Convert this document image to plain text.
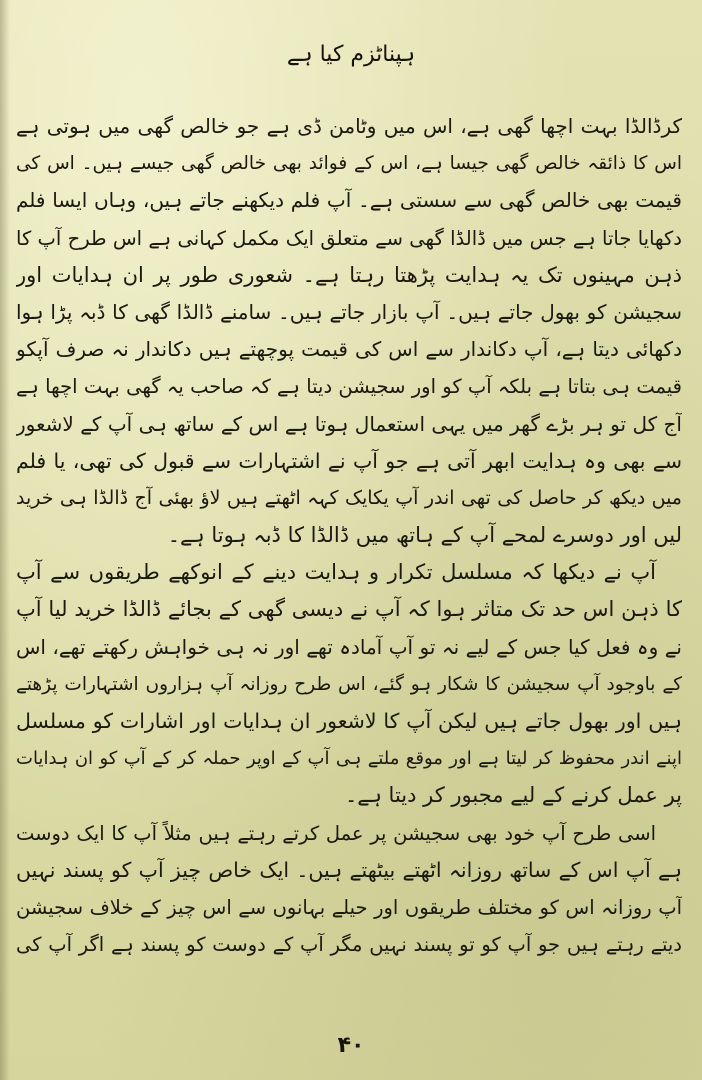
ہپناٹزم کیا ہے
کرڈالڈا بہت اچھا گھی ہے، اس میں وٹامن ڈی ہے جو خالص گھی میں ہوتی ہے
اس کا ذائقہ خالص گھی جیسا ہے، اس کے فوائد بھی خالص گھی جیسے ہیں۔ اس کی
قیمت بھی خالص گھی سے سستی ہے۔ آپ فلم دیکھنے جاتے ہیں، وہاں ایسا فلم
دکھایا جاتا ہے جس میں ڈالڈا گھی سے متعلق ایک مکمل کہانی ہے اس طرح آپ کا
ذہن مہینوں تک یہ ہدایت پڑھتا رہتا ہے۔ شعوری طور پر ان ہدایات اور
سجیشن کو بھول جاتے ہیں۔ آپ بازار جاتے ہیں۔ سامنے ڈالڈا گھی کا ڈبہ پڑا ہوا
دکھائی دیتا ہے، آپ دکاندار سے اس کی قیمت پوچھتے ہیں دکاندار نہ صرف آپکو
قیمت ہی بتاتا ہے بلکہ آپ کو اور سجیشن دیتا ہے کہ صاحب یہ گھی بہت اچھا ہے
آج کل تو ہر بڑے گھر میں یہی استعمال ہوتا ہے اس کے ساتھ ہی آپ کے لاشعور
سے بھی وہ ہدایت ابھر آتی ہے جو آپ نے اشتہارات سے قبول کی تھی، یا فلم
میں دیکھ کر حاصل کی تھی اندر آپ یکایک کہہ اٹھتے ہیں لاؤ بھئی آج ڈالڈا ہی خرید
لیں اور دوسرے لمحے آپ کے ہاتھ میں ڈالڈا کا ڈبہ ہوتا ہے۔
آپ نے دیکھا کہ مسلسل تکرار و ہدایت دینے کے انوکھے طریقوں سے آپ
کا ذہن اس حد تک متاثر ہوا کہ آپ نے دیسی گھی کے بجائے ڈالڈا خرید لیا آپ
نے وہ فعل کیا جس کے لیے نہ تو آپ آمادہ تھے اور نہ ہی خواہش رکھتے تھے، اس
کے باوجود آپ سجیشن کا شکار ہو گئے، اس طرح روزانہ آپ ہزاروں اشتہارات پڑھتے
ہیں اور بھول جاتے ہیں لیکن آپ کا لاشعور ان ہدایات اور اشارات کو مسلسل
اپنے اندر محفوظ کر لیتا ہے اور موقع ملتے ہی آپ کے اوپر حملہ کر کے آپ کو ان ہدایات
پر عمل کرنے کے لیے مجبور کر دیتا ہے۔
اسی طرح آپ خود بھی سجیشن پر عمل کرتے رہتے ہیں مثلاً آپ کا ایک دوست
ہے آپ اس کے ساتھ روزانہ اٹھتے بیٹھتے ہیں۔ ایک خاص چیز آپ کو پسند نہیں
آپ روزانہ اس کو مختلف طریقوں اور حیلے بہانوں سے اس چیز کے خلاف سجیشن
دیتے رہتے ہیں جو آپ کو تو پسند نہیں مگر آپ کے دوست کو پسند ہے اگر آپ کی
۴۰
